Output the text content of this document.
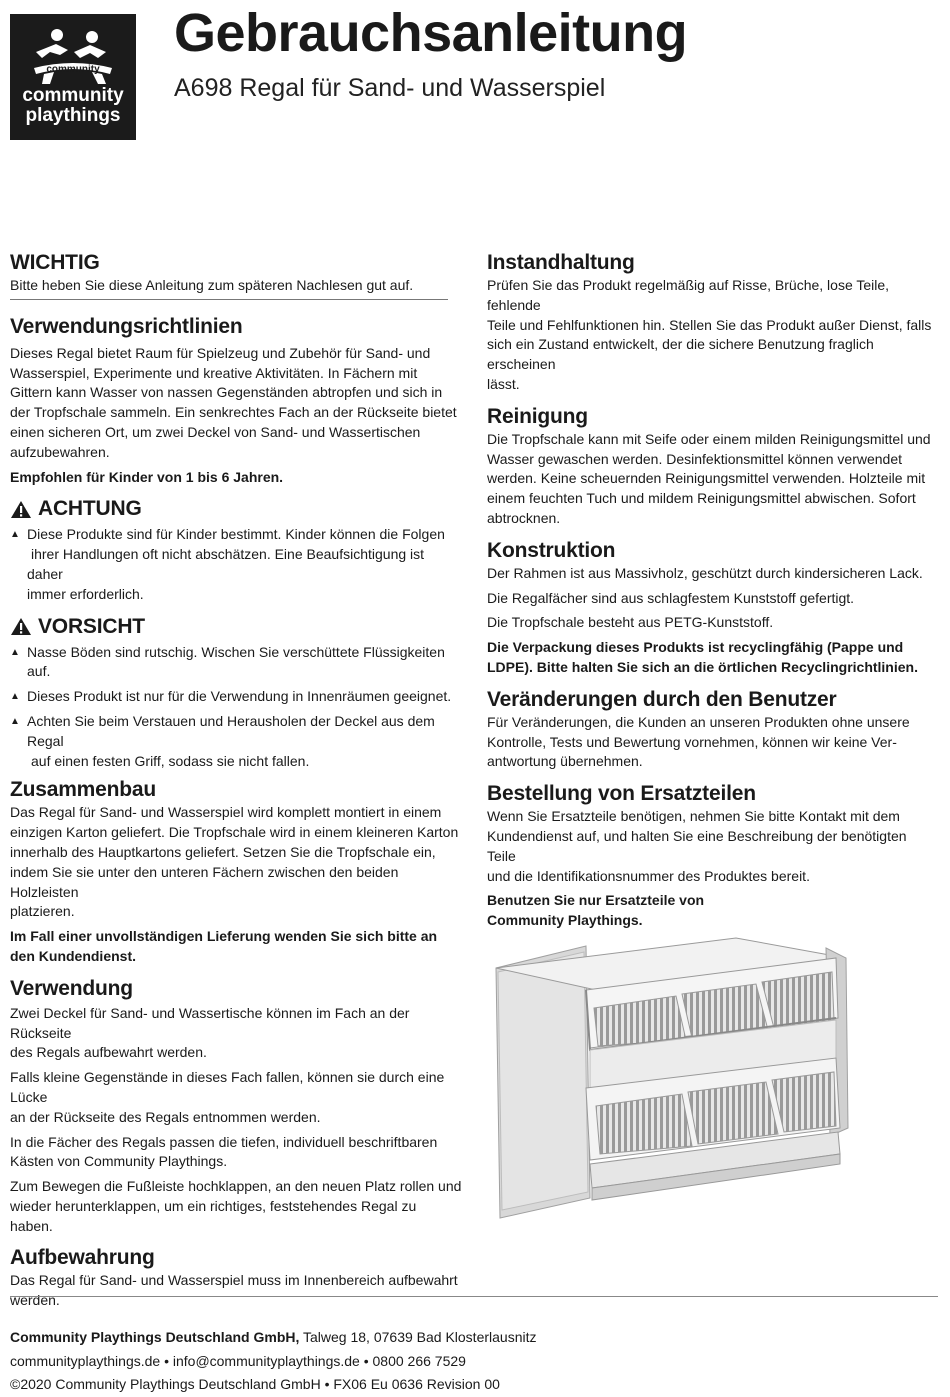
community
community
playthings
Gebrauchsanleitung
A698 Regal für Sand- und Wasserspiel
WICHTIG

Bitte heben Sie diese Anleitung zum späteren Nachlesen gut auf.

Verwendungsrichtlinien

Dieses Regal bietet Raum für Spielzeug und Zubehör für Sand- und

Wasserspiel, Experimente und kreative Aktivitäten. In Fächern mit

Gittern kann Wasser von nassen Gegenständen abtropfen und sich in

der Tropfschale sammeln. Ein senkrechtes Fach an der Rückseite bietet

einen sicheren Ort, um zwei Deckel von Sand- und Wassertischen

aufzubewahren.

Empfohlen für Kinder von 1 bis 6 Jahren.

ACHTUNG
▲ Diese Produkte sind für Kinder bestimmt. Kinder können die Folgen
ihrer Handlungen oft nicht abschätzen. Eine Beaufsichtigung ist daher
immer erforderlich.
VORSICHT
▲ Nasse Böden sind rutschig. Wischen Sie verschüttete Flüssigkeiten auf.
▲ Dieses Produkt ist nur für die Verwendung in Innenräumen geeignet.
▲ Achten Sie beim Verstauen und Herausholen der Deckel aus dem Regal
auf einen festen Griff, sodass sie nicht fallen.
Zusammenbau

Das Regal für Sand- und Wasserspiel wird komplett montiert in einem

einzigen Karton geliefert. Die Tropfschale wird in einem kleineren Karton

innerhalb des Hauptkartons geliefert. Setzen Sie die Tropfschale ein,

indem Sie sie unter den unteren Fächern zwischen den beiden Holzleisten

platzieren.

Im Fall einer unvollständigen Lieferung wenden Sie sich bitte an

den Kundendienst.

Verwendung

Zwei Deckel für Sand- und Wassertische können im Fach an der Rückseite

des Regals aufbewahrt werden.

Falls kleine Gegenstände in dieses Fach fallen, können sie durch eine Lücke

an der Rückseite des Regals entnommen werden.

In die Fächer des Regals passen die tiefen, individuell beschriftbaren

Kästen von Community Playthings.

Zum Bewegen die Fußleiste hochklappen, an den neuen Platz rollen und

wieder herunterklappen, um ein richtiges, feststehendes Regal zu haben.

Aufbewahrung

Das Regal für Sand- und Wasserspiel muss im Innenbereich aufbewahrt

werden.

Instandhaltung

Prüfen Sie das Produkt regelmäßig auf Risse, Brüche, lose Teile, fehlende

Teile und Fehlfunktionen hin. Stellen Sie das Produkt außer Dienst, falls

sich ein Zustand entwickelt, der die sichere Benutzung fraglich erscheinen

lässt.

Reinigung

Die Tropfschale kann mit Seife oder einem milden Reinigungsmittel und

Wasser gewaschen werden. Desinfektionsmittel können verwendet

werden. Keine scheuernden Reinigungsmittel verwenden. Holzteile mit

einem feuchten Tuch und mildem Reinigungsmittel abwischen. Sofort

abtrocknen.

Konstruktion

Der Rahmen ist aus Massivholz, geschützt durch kindersicheren Lack.

Die Regalfächer sind aus schlagfestem Kunststoff gefertigt.

Die Tropfschale besteht aus PETG-Kunststoff.

Die Verpackung dieses Produkts ist recyclingfähig (Pappe und

LDPE). Bitte halten Sie sich an die örtlichen Recyclingrichtlinien.

Veränderungen durch den Benutzer

Für Veränderungen, die Kunden an unseren Produkten ohne unsere

Kontrolle, Tests und Bewertung vornehmen, können wir keine Ver-

antwortung übernehmen.

Bestellung von Ersatzteilen

Wenn Sie Ersatzteile benötigen, nehmen Sie bitte Kontakt mit dem

Kundendienst auf, und halten Sie eine Beschreibung der benötigten Teile

und die Identifikationsnummer des Produktes bereit.

Benutzen Sie nur Ersatzteile von

Community Playthings.

Community Playthings Deutschland GmbH, Talweg 18, 07639 Bad Klosterlausnitz
communityplaythings.de • info@communityplaythings.de • 0800 266 7529
©2020 Community Playthings Deutschland GmbH • FX06 Eu 0636 Revision 00
